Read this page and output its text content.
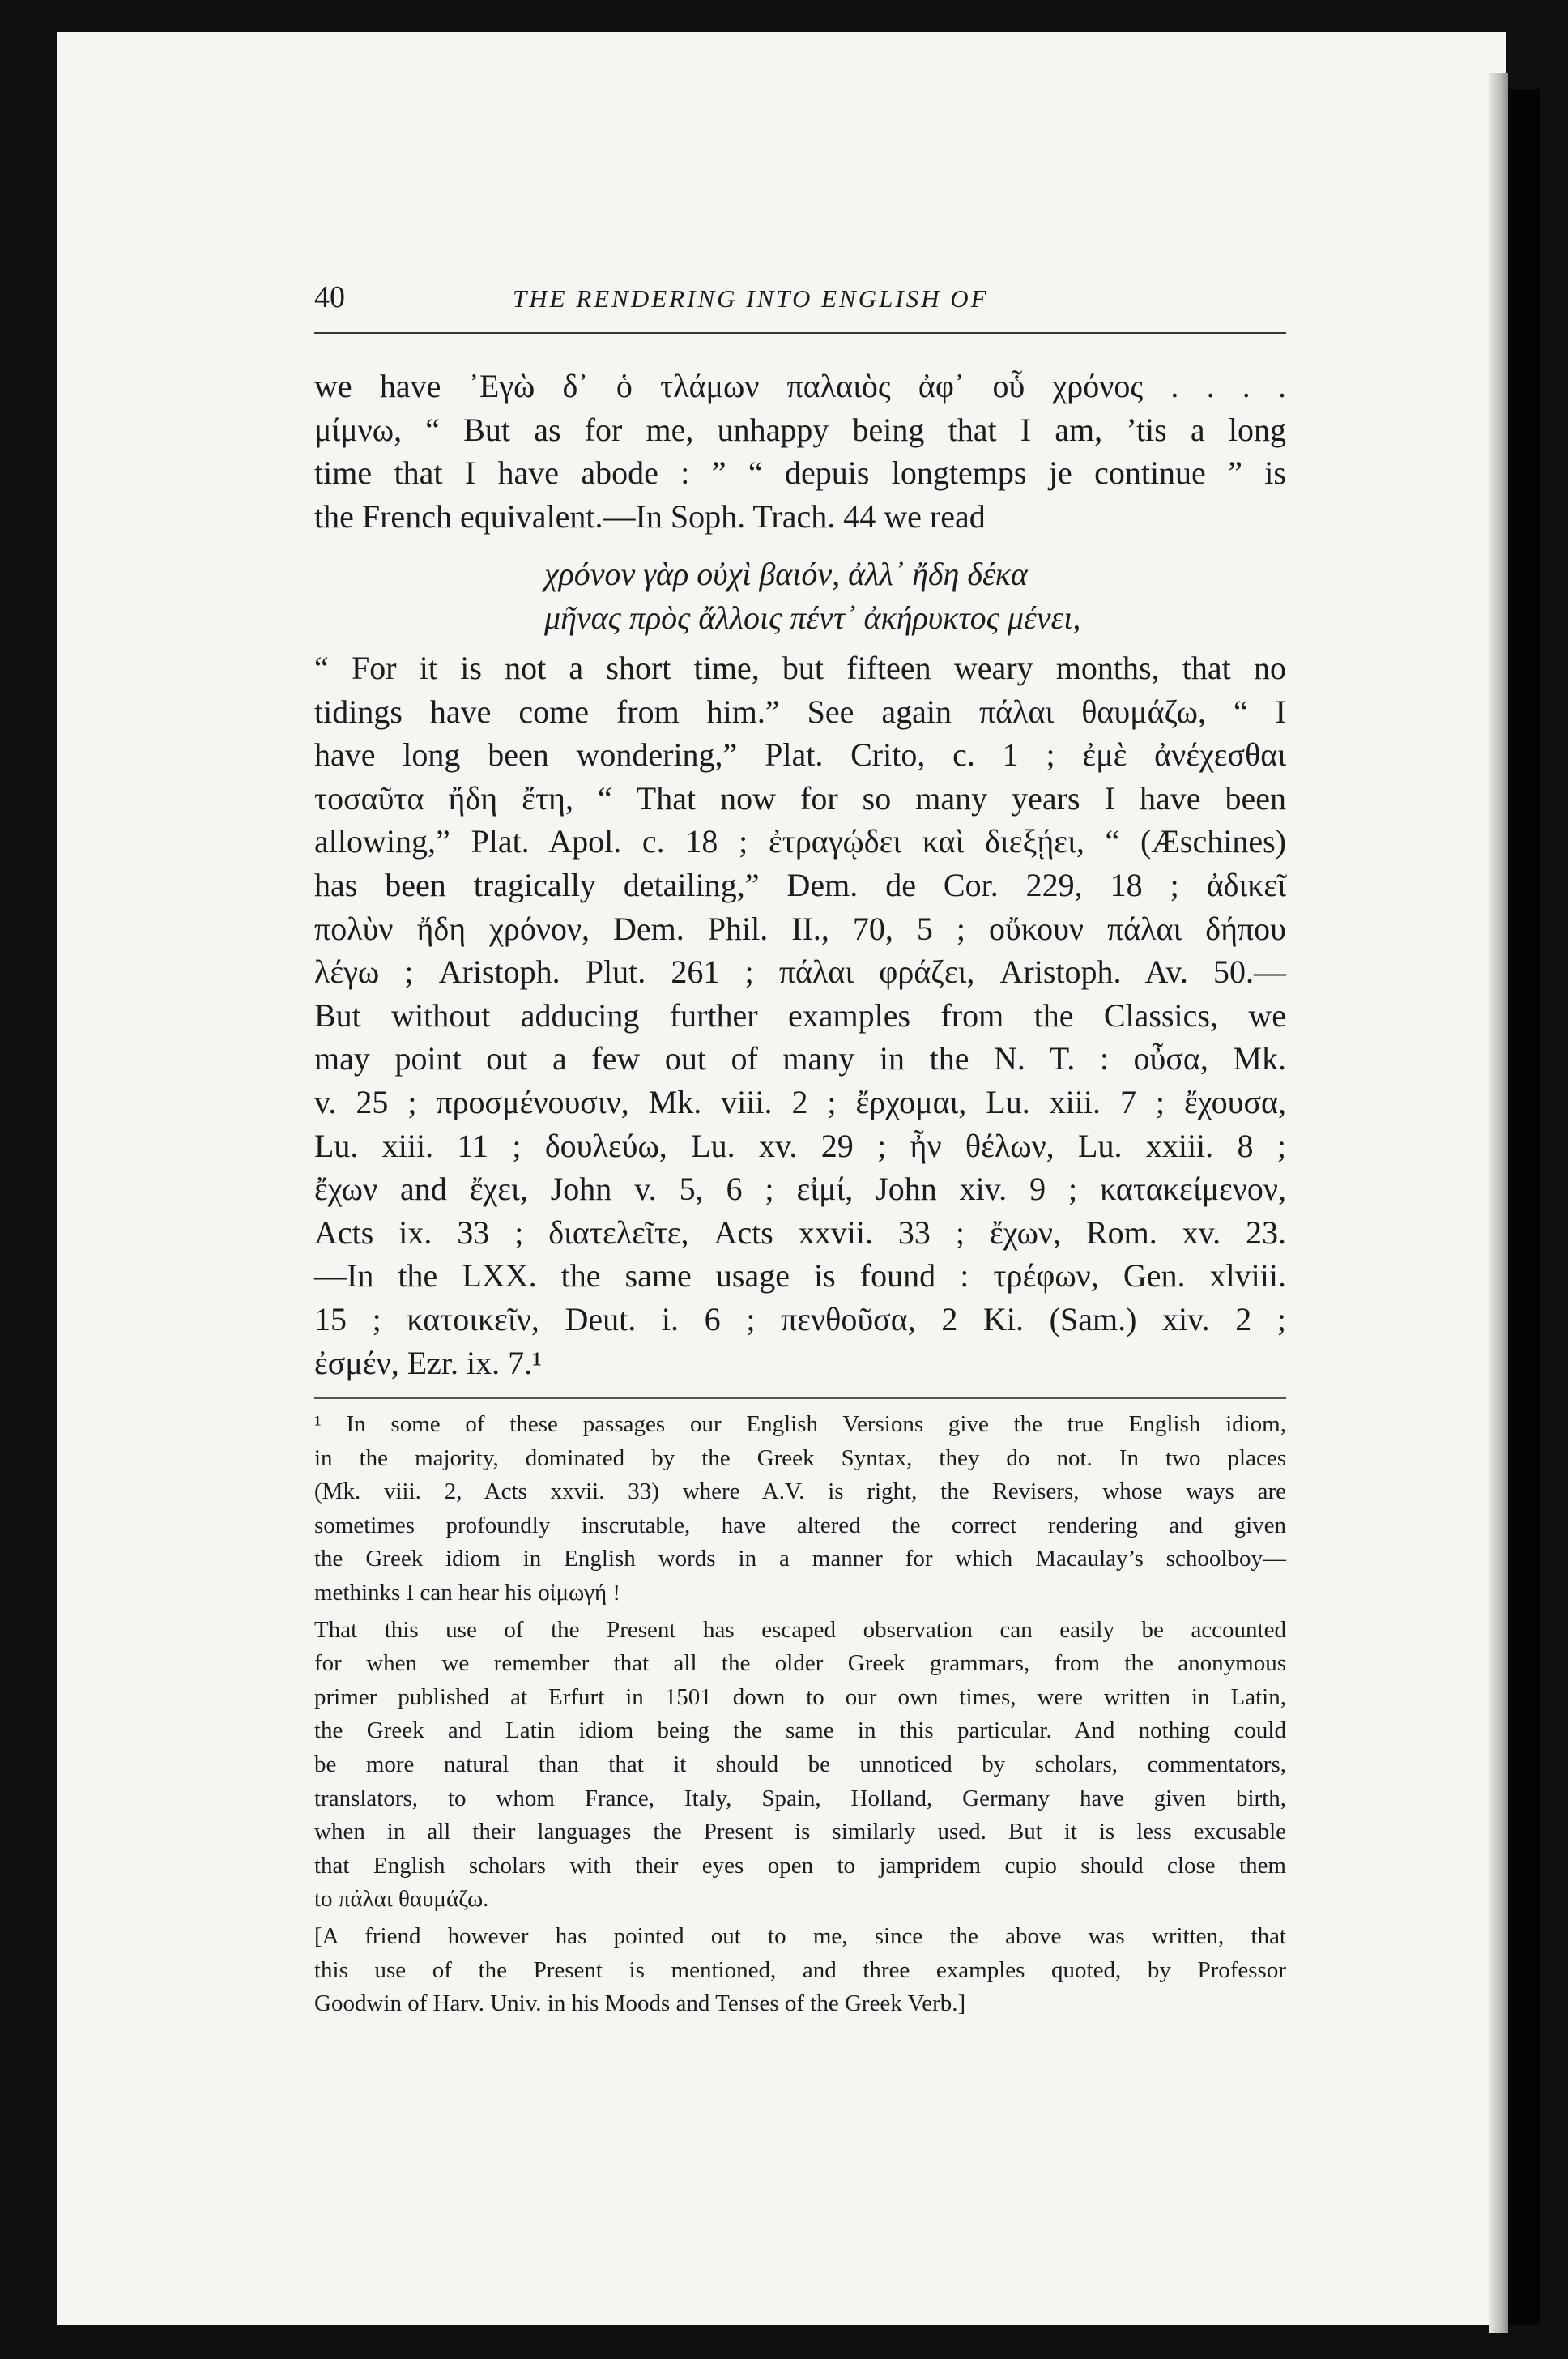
40	THE RENDERING INTO ENGLISH OF
we have ᾽Εγὼ δ᾽ ὁ τλάμων παλαιὸς ἀφ᾽ οὗ χρόνος . . . .
μίμνω, “ But as for me, unhappy being that I am, ’tis a long
time that I have abode : ” “ depuis longtemps je continue ” is
the French equivalent.—In Soph. Trach. 44 we read
χρόνον γὰρ οὐχὶ βαιόν, ἀλλ᾽ ἤδη δέκα
μῆνας πρὸς ἄλλοις πέντ᾽ ἀκήρυκτος μένει,
“ For it is not a short time, but fifteen weary months, that no
tidings have come from him.” See again πάλαι θαυμάζω, “ I
have long been wondering,” Plat. Crito, c. 1 ; ἐμὲ ἀνέχεσθαι
τοσαῦτα ἤδη ἔτη, “ That now for so many years I have been
allowing,” Plat. Apol. c. 18 ; ἐτραγῴδει καὶ διεξῄει, “ (Æschines)
has been tragically detailing,” Dem. de Cor. 229, 18 ; ἀδικεῖ
πολὺν ἤδη χρόνον, Dem. Phil. II., 70, 5 ; οὔκουν πάλαι δήπου
λέγω ; Aristoph. Plut. 261 ; πάλαι φράζει, Aristoph. Av. 50.—
But without adducing further examples from the Classics, we
may point out a few out of many in the N. T. : οὖσα, Mk.
v. 25 ; προσμένουσιν, Mk. viii. 2 ; ἔρχομαι, Lu. xiii. 7 ; ἔχουσα,
Lu. xiii. 11 ; δουλεύω, Lu. xv. 29 ; ἦν θέλων, Lu. xxiii. 8 ;
ἔχων and ἔχει, John v. 5, 6 ; εἰμί, John xiv. 9 ; κατακείμενον,
Acts ix. 33 ; διατελεῖτε, Acts xxvii. 33 ; ἔχων, Rom. xv. 23.
—In the LXX. the same usage is found : τρέφων, Gen. xlviii.
15 ; κατοικεῖν, Deut. i. 6 ; πενθοῦσα, 2 Ki. (Sam.) xiv. 2 ;
ἐσμέν, Ezr. ix. 7.¹
¹ In some of these passages our English Versions give the true English idiom,
in the majority, dominated by the Greek Syntax, they do not. In two places
(Mk. viii. 2, Acts xxvii. 33) where A.V. is right, the Revisers, whose ways are
sometimes profoundly inscrutable, have altered the correct rendering and given
the Greek idiom in English words in a manner for which Macaulay’s schoolboy—
methinks I can hear his οἰμωγή !
That this use of the Present has escaped observation can easily be accounted
for when we remember that all the older Greek grammars, from the anonymous
primer published at Erfurt in 1501 down to our own times, were written in Latin,
the Greek and Latin idiom being the same in this particular. And nothing could
be more natural than that it should be unnoticed by scholars, commentators,
translators, to whom France, Italy, Spain, Holland, Germany have given birth,
when in all their languages the Present is similarly used. But it is less excusable
that English scholars with their eyes open to jampridem cupio should close them
to πάλαι θαυμάζω.
[A friend however has pointed out to me, since the above was written, that
this use of the Present is mentioned, and three examples quoted, by Professor
Goodwin of Harv. Univ. in his Moods and Tenses of the Greek Verb.]
